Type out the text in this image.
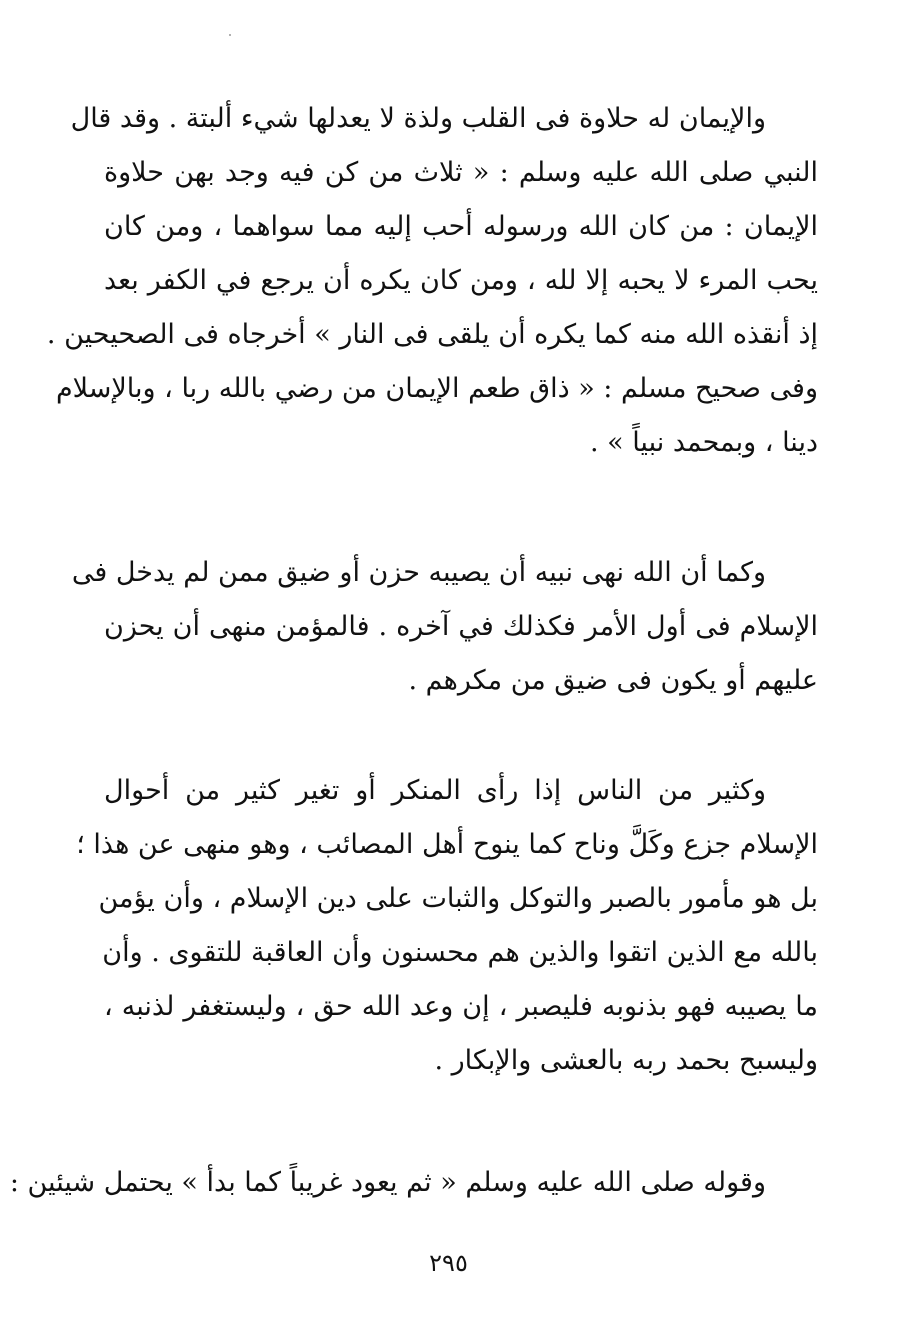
والإيمان له حلاوة فى القلب ولذة لا يعدلها شيء ألبتة . وقد قال
النبي صلى الله عليه وسلم : « ثلاث من كن فيه وجد بهن حلاوة
الإيمان : من كان الله ورسوله أحب إليه مما سواهما ، ومن كان
يحب المرء لا يحبه إلا لله ، ومن كان يكره أن يرجع في الكفر بعد
إذ أنقذه الله منه كما يكره أن يلقى فى النار » أخرجاه فى الصحيحين .
وفى صحيح مسلم : « ذاق طعم الإيمان من رضي بالله ربا ، وبالإسلام
دينا ، وبمحمد نبياً » .
وكما أن الله نهى نبيه أن يصيبه حزن أو ضيق ممن لم يدخل فى
الإسلام فى أول الأمر فكذلك في آخره . فالمؤمن منهى أن يحزن
عليهم أو يكون فى ضيق من مكرهم .
وكثير من الناس إذا رأى المنكر أو تغير كثير من أحوال
الإسلام جزع وكَلَّ وناح كما ينوح أهل المصائب ، وهو منهى عن هذا ؛
بل هو مأمور بالصبر والتوكل والثبات على دين الإسلام ، وأن يؤمن
بالله مع الذين اتقوا والذين هم محسنون وأن العاقبة للتقوى . وأن
ما يصيبه فهو بذنوبه فليصبر ، إن وعد الله حق ، وليستغفر لذنبه ،
وليسبح بحمد ربه بالعشى والإبكار .
وقوله صلى الله عليه وسلم « ثم يعود غريباً كما بدأ » يحتمل شيئين :
٢٩٥
